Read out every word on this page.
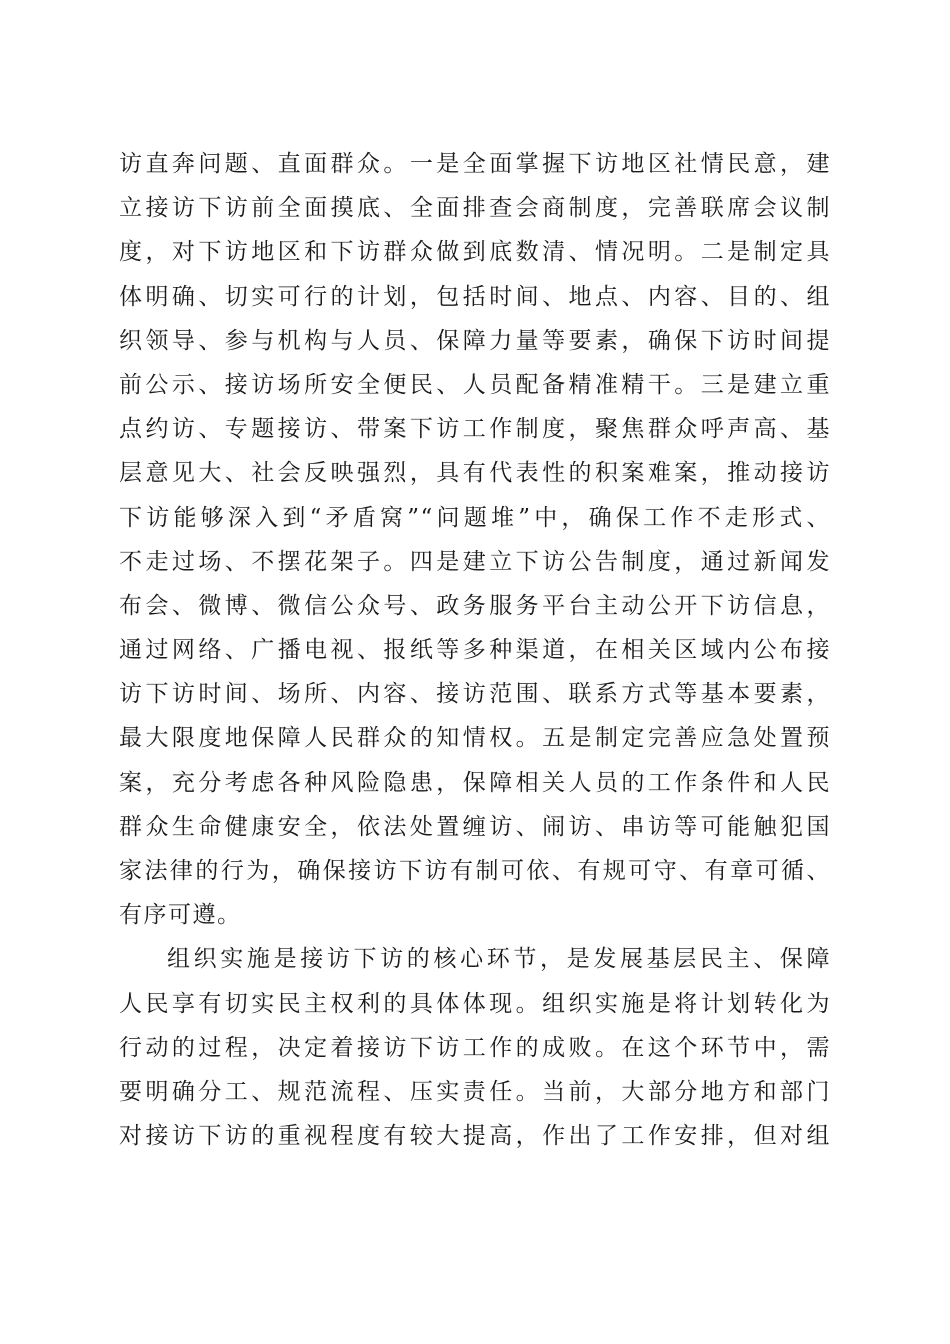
访直奔问题、直面群众。一是全面掌握下访地区社情民意，建
立接访下访前全面摸底、全面排查会商制度，完善联席会议制
度，对下访地区和下访群众做到底数清、情况明。二是制定具
体明确、切实可行的计划，包括时间、地点、内容、目的、组
织领导、参与机构与人员、保障力量等要素，确保下访时间提
前公示、接访场所安全便民、人员配备精准精干。三是建立重
点约访、专题接访、带案下访工作制度，聚焦群众呼声高、基
层意见大、社会反映强烈，具有代表性的积案难案，推动接访
下访能够深入到“矛盾窝”“问题堆”中，确保工作不走形式、
不走过场、不摆花架子。四是建立下访公告制度，通过新闻发
布会、微博、微信公众号、政务服务平台主动公开下访信息，
通过网络、广播电视、报纸等多种渠道，在相关区域内公布接
访下访时间、场所、内容、接访范围、联系方式等基本要素，
最大限度地保障人民群众的知情权。五是制定完善应急处置预
案，充分考虑各种风险隐患，保障相关人员的工作条件和人民
群众生命健康安全，依法处置缠访、闹访、串访等可能触犯国
家法律的行为，确保接访下访有制可依、有规可守、有章可循、
有序可遵。
组织实施是接访下访的核心环节，是发展基层民主、保障
人民享有切实民主权利的具体体现。组织实施是将计划转化为
行动的过程，决定着接访下访工作的成败。在这个环节中，需
要明确分工、规范流程、压实责任。当前，大部分地方和部门
对接访下访的重视程度有较大提高，作出了工作安排，但对组
